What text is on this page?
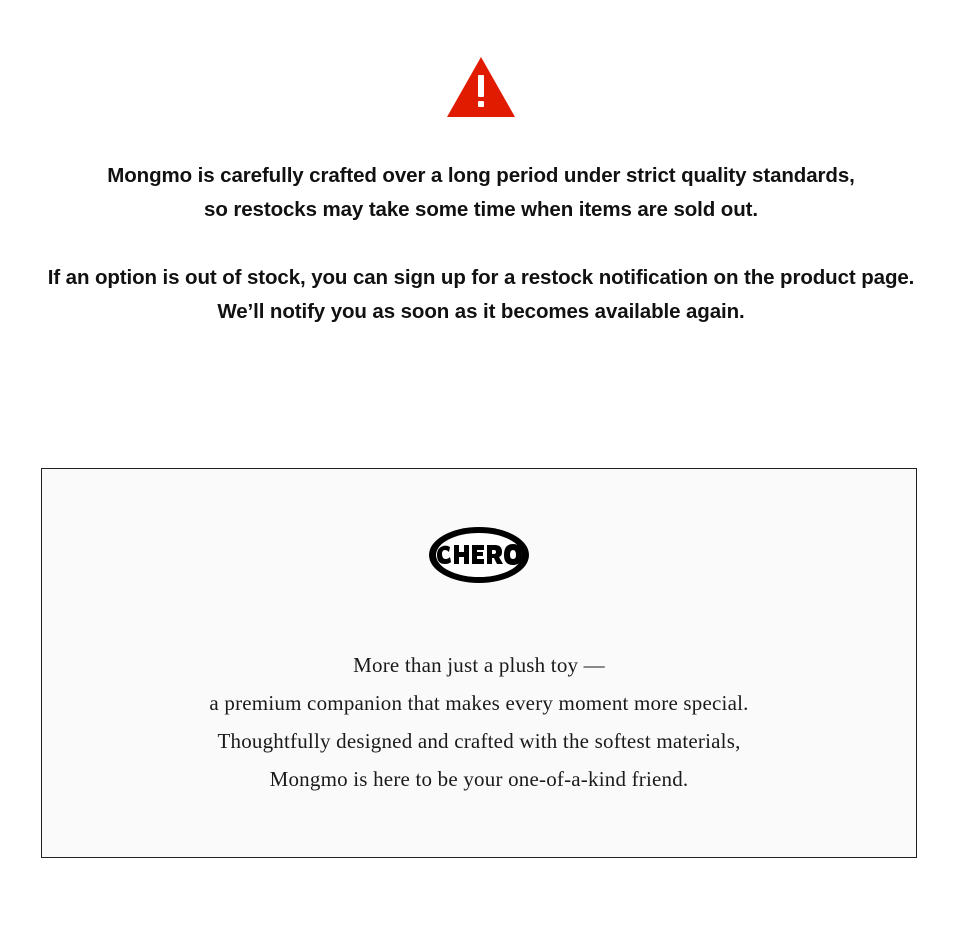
Mongmo is carefully crafted over a long period under strict quality standards,
so restocks may take some time when items are sold out.
If an option is out of stock, you can sign up for a restock notification on the product page.
We’ll notify you as soon as it becomes available again.
More than just a plush toy —
a premium companion that makes every moment more special.
Thoughtfully designed and crafted with the softest materials,
Mongmo is here to be your one-of-a-kind friend.
